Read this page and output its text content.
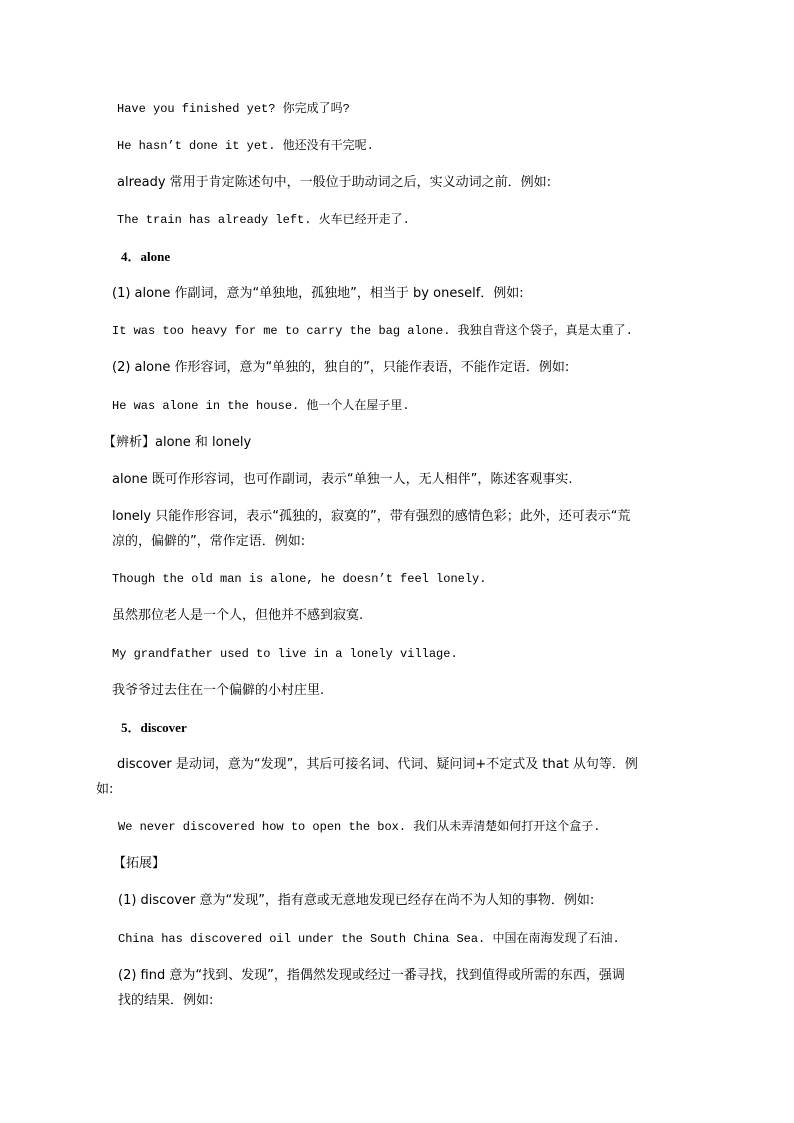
Have you finished yet? 你完成了吗?
He hasn’t done it yet. 他还没有干完呢.
already 常用于肯定陈述句中，一般位于助动词之后，实义动词之前．例如:
The train has already left. 火车已经开走了.
4．alone
(1) alone 作副词，意为“单独地，孤独地”，相当于 by oneself．例如:
It was too heavy for me to carry the bag alone. 我独自背这个袋子，真是太重了.
(2) alone 作形容词，意为“单独的，独自的”，只能作表语，不能作定语．例如:
He was alone in the house. 他一个人在屋子里.
【辨析】alone 和 lonely
alone 既可作形容词，也可作副词，表示“单独一人，无人相伴”，陈述客观事实.
lonely 只能作形容词，表示“孤独的，寂寞的”，带有强烈的感情色彩；此外，还可表示“荒
凉的，偏僻的”，常作定语．例如:
Though the old man is alone, he doesn’t feel lonely.
虽然那位老人是一个人，但他并不感到寂寞.
My grandfather used to live in a lonely village.
我爷爷过去住在一个偏僻的小村庄里.
5．discover
discover 是动词，意为“发现”，其后可接名词、代词、疑问词+不定式及 that 从句等．例
如:
We never discovered how to open the box. 我们从未弄清楚如何打开这个盒子.
【拓展】
(1) discover 意为“发现”，指有意或无意地发现已经存在尚不为人知的事物．例如:
China has discovered oil under the South China Sea. 中国在南海发现了石油.
(2) find 意为“找到、发现”，指偶然发现或经过一番寻找，找到值得或所需的东西，强调
找的结果．例如:
